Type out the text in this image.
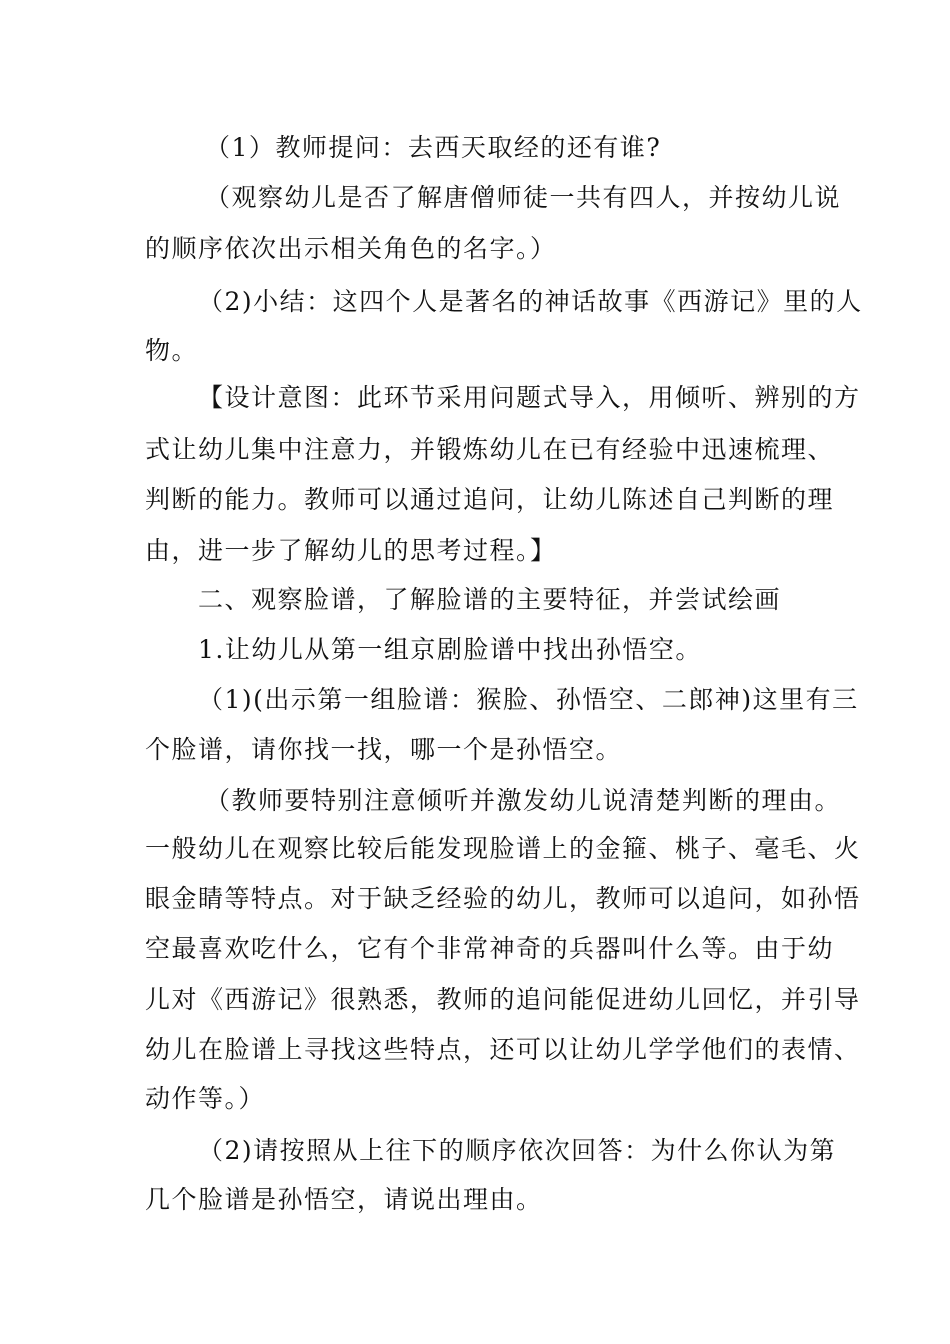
（1）教师提问：去西天取经的还有谁?
（观察幼儿是否了解唐僧师徒一共有四人，并按幼儿说
的顺序依次出示相关角色的名字。）
（2)小结：这四个人是著名的神话故事《西游记》里的人
物。
【设计意图：此环节采用问题式导入，用倾听、辨别的方
式让幼儿集中注意力，并锻炼幼儿在已有经验中迅速梳理、
判断的能力。教师可以通过追问，让幼儿陈述自己判断的理
由，进一步了解幼儿的思考过程。】
二、观察脸谱，了解脸谱的主要特征，并尝试绘画
1.让幼儿从第一组京剧脸谱中找出孙悟空。
（1)(出示第一组脸谱：猴脸、孙悟空、二郎神)这里有三
个脸谱，请你找一找，哪一个是孙悟空。
（教师要特别注意倾听并激发幼儿说清楚判断的理由。
一般幼儿在观察比较后能发现脸谱上的金箍、桃子、毫毛、火
眼金睛等特点。对于缺乏经验的幼儿，教师可以追问，如孙悟
空最喜欢吃什么，它有个非常神奇的兵器叫什么等。由于幼
儿对《西游记》很熟悉，教师的追问能促进幼儿回忆，并引导
幼儿在脸谱上寻找这些特点，还可以让幼儿学学他们的表情、
动作等。）
（2)请按照从上往下的顺序依次回答：为什么你认为第
几个脸谱是孙悟空，请说出理由。
